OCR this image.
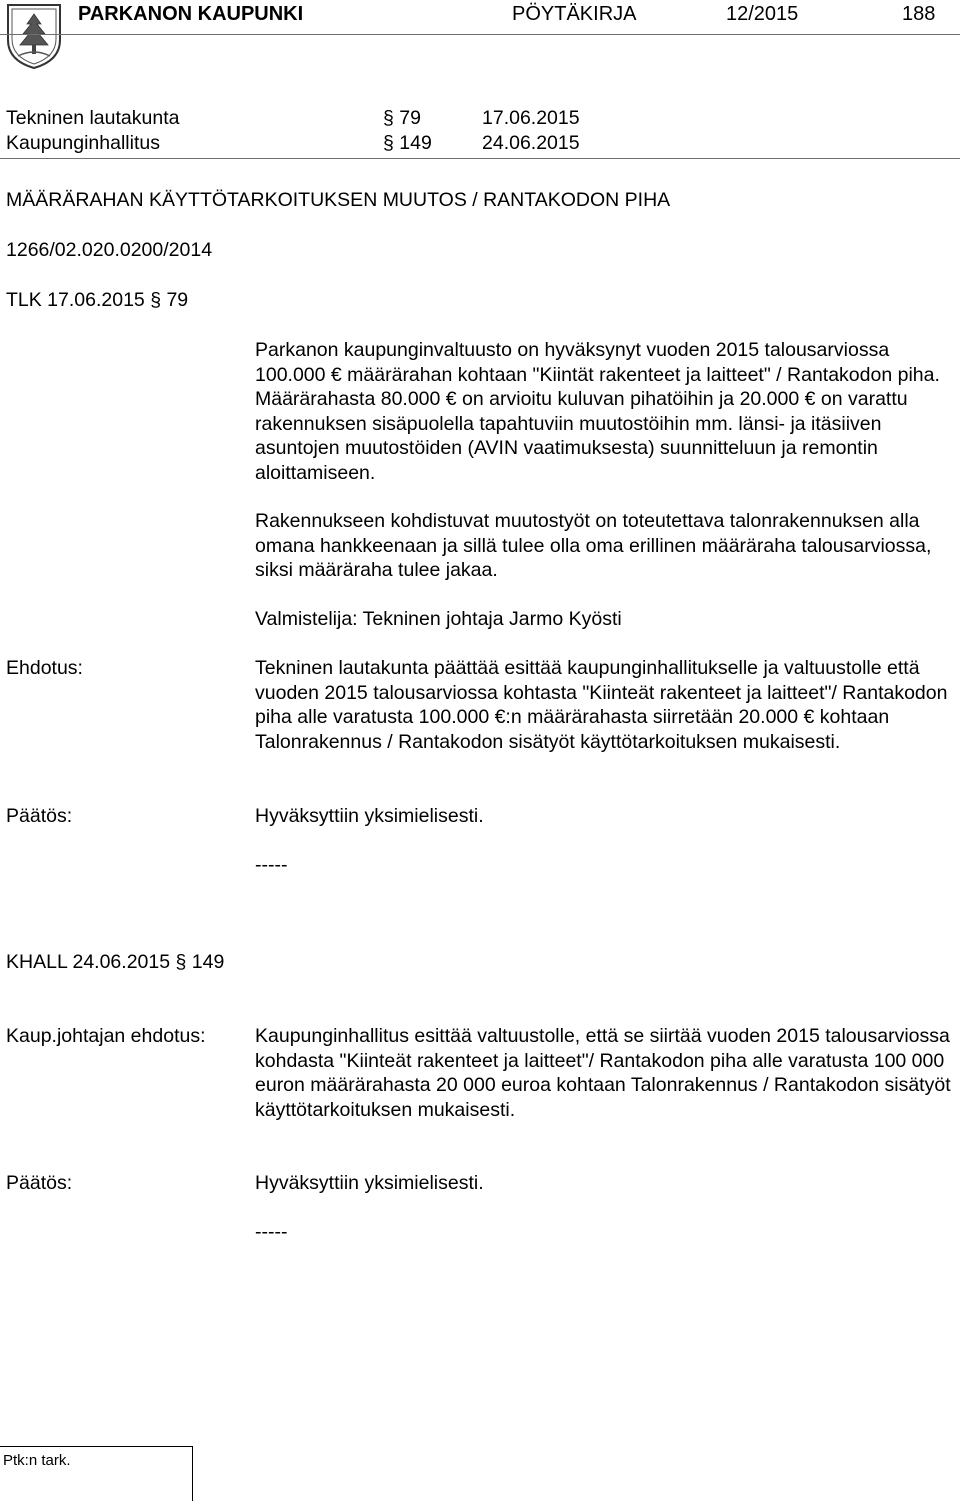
PARKANON KAUPUNKI	PÖYTÄKIRJA	12/2015	188
Tekninen lautakunta	§ 79	17.06.2015
Kaupunginhallitus	§ 149	24.06.2015
MÄÄRÄRAHAN KÄYTTÖTARKOITUKSEN MUUTOS / RANTAKODON PIHA
1266/02.020.0200/2014
TLK 17.06.2015 § 79

Parkanon kaupunginvaltuusto on hyväksynyt vuoden 2015 talousarviossa 100.000 € määrärahan kohtaan "Kiintät rakenteet ja laitteet" / Rantakodon piha. Määrärahasta 80.000 € on arvioitu kuluvan pihatöihin ja 20.000 € on varattu rakennuksen sisäpuolella tapahtuviin muutostöihin mm. länsi- ja itäsiiven asuntojen muutostöiden (AVIN vaatimuksesta) suunnitteluun ja remontin aloittamiseen.

Rakennukseen kohdistuvat muutostyöt on toteutettava talonrakennuksen alla omana hankkeenaan ja sillä tulee olla oma erillinen määräraha talousarviossa, siksi määräraha tulee jakaa.

Valmistelija: Tekninen johtaja Jarmo Kyösti
Ehdotus:	Tekninen lautakunta päättää esittää kaupunginhallitukselle ja valtuustolle että vuoden 2015 talousarviossa kohtasta "Kiinteät rakenteet ja laitteet"/ Rantakodon piha alle varatusta 100.000 €:n määrärahasta siirretään 20.000 € kohtaan Talonrakennus / Rantakodon sisätyöt käyttötarkoituksen mukaisesti.

Päätös:	Hyväksyttiin yksimielisesti.
-----
KHALL 24.06.2015 § 149
Kaup.johtajan ehdotus:	Kaupunginhallitus esittää valtuustolle, että se siirtää vuoden 2015 talousarviossa kohdasta "Kiinteät rakenteet ja laitteet"/ Rantakodon piha alle varatusta 100 000 euron määrärahasta 20 000 euroa kohtaan Talonrakennus / Rantakodon sisätyöt käyttötarkoituksen mukaisesti.

Päätös:	Hyväksyttiin yksimielisesti.
-----
Ptk:n tark.
